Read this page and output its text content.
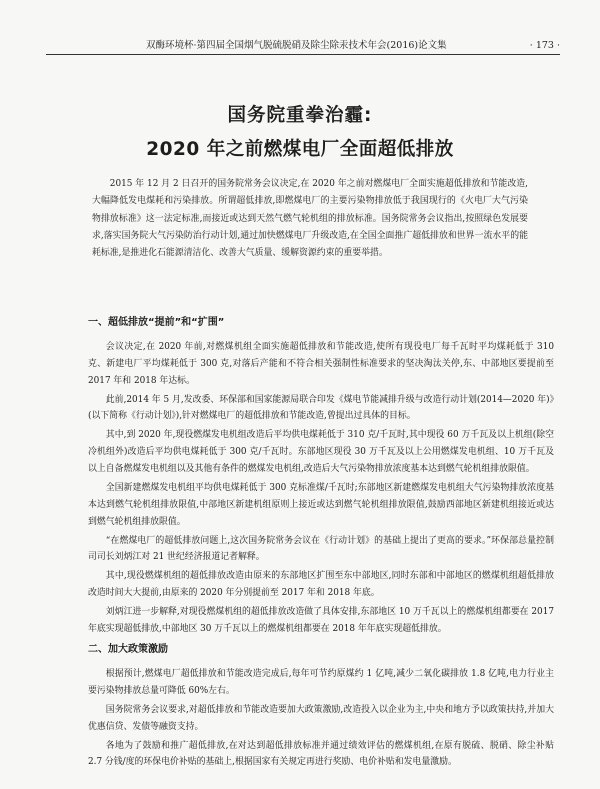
双酶环境杯·第四届全国烟气脱硫脱硝及除尘除汞技术年会(2016)论文集	· 173 ·
国务院重拳治霾:
2020 年之前燃煤电厂全面超低排放
2015 年 12 月 2 日召开的国务院常务会议决定,在 2020 年之前对燃煤电厂全面实施超低排放和节能改造,大幅降低发电煤耗和污染排放。所谓超低排放,即燃煤电厂的主要污染物排放低于我国现行的《火电厂大气污染物排放标准》这一法定标准,而接近或达到天然气燃气轮机组的排放标准。国务院常务会议指出,按照绿色发展要求,落实国务院大气污染防治行动计划,通过加快燃煤电厂升级改造,在全国全面推广超低排放和世界一流水平的能耗标准,是推进化石能源清洁化、改善大气质量、缓解资源约束的重要举措。
一、超低排放“提前”和“扩围”

会议决定,在 2020 年前,对燃煤机组全面实施超低排放和节能改造,使所有现役电厂每千瓦时平均煤耗低于 310 克、新建电厂平均煤耗低于 300 克,对落后产能和不符合相关强制性标准要求的坚决淘汰关停,东、中部地区要提前至 2017 年和 2018 年达标。

此前,2014 年 5 月,发改委、环保部和国家能源局联合印发《煤电节能减排升级与改造行动计划(2014—2020 年)》(以下简称《行动计划》),针对燃煤电厂的超低排放和节能改造,曾提出过具体的目标。

其中,到 2020 年,现役燃煤发电机组改造后平均供电煤耗低于 310 克/千瓦时,其中现役 60 万千瓦及以上机组(除空冷机组外)改造后平均供电煤耗低于 300 克/千瓦时。东部地区现役 30 万千瓦及以上公用燃煤发电机组、10 万千瓦及以上自备燃煤发电机组以及其他有条件的燃煤发电机组,改造后大气污染物排放浓度基本达到燃气轮机组排放限值。

全国新建燃煤发电机组平均供电煤耗低于 300 克标准煤/千瓦时;东部地区新建燃煤发电机组大气污染物排放浓度基本达到燃气轮机组排放限值,中部地区新建机组原则上接近或达到燃气轮机组排放限值,鼓励西部地区新建机组接近或达到燃气轮机组排放限值。

“在燃煤电厂的超低排放问题上,这次国务院常务会议在《行动计划》的基础上提出了更高的要求。”环保部总量控制司司长刘炳江对 21 世纪经济报道记者解释。

其中,现役燃煤机组的超低排放改造由原来的东部地区扩围至东中部地区,同时东部和中部地区的燃煤机组超低排放改造时间大大提前,由原来的 2020 年分别提前至 2017 年和 2018 年底。

刘炳江进一步解释,对现役燃煤机组的超低排放改造做了具体安排,东部地区 10 万千瓦以上的燃煤机组都要在 2017 年底实现超低排放,中部地区 30 万千瓦以上的燃煤机组都要在 2018 年年底实现超低排放。

二、加大政策激励

根据预计,燃煤电厂超低排放和节能改造完成后,每年可节约原煤约 1 亿吨,减少二氧化碳排放 1.8 亿吨,电力行业主要污染物排放总量可降低 60%左右。

国务院常务会议要求,对超低排放和节能改造要加大政策激励,改造投入以企业为主,中央和地方予以政策扶持,并加大优惠信贷、发债等融资支持。

各地为了鼓励和推广超低排放,在对达到超低排放标准并通过绩效评估的燃煤机组,在原有脱硫、脱硝、除尘补贴 2.7 分钱/度的环保电价补贴的基础上,根据国家有关规定再进行奖励、电价补贴和发电量激励。
